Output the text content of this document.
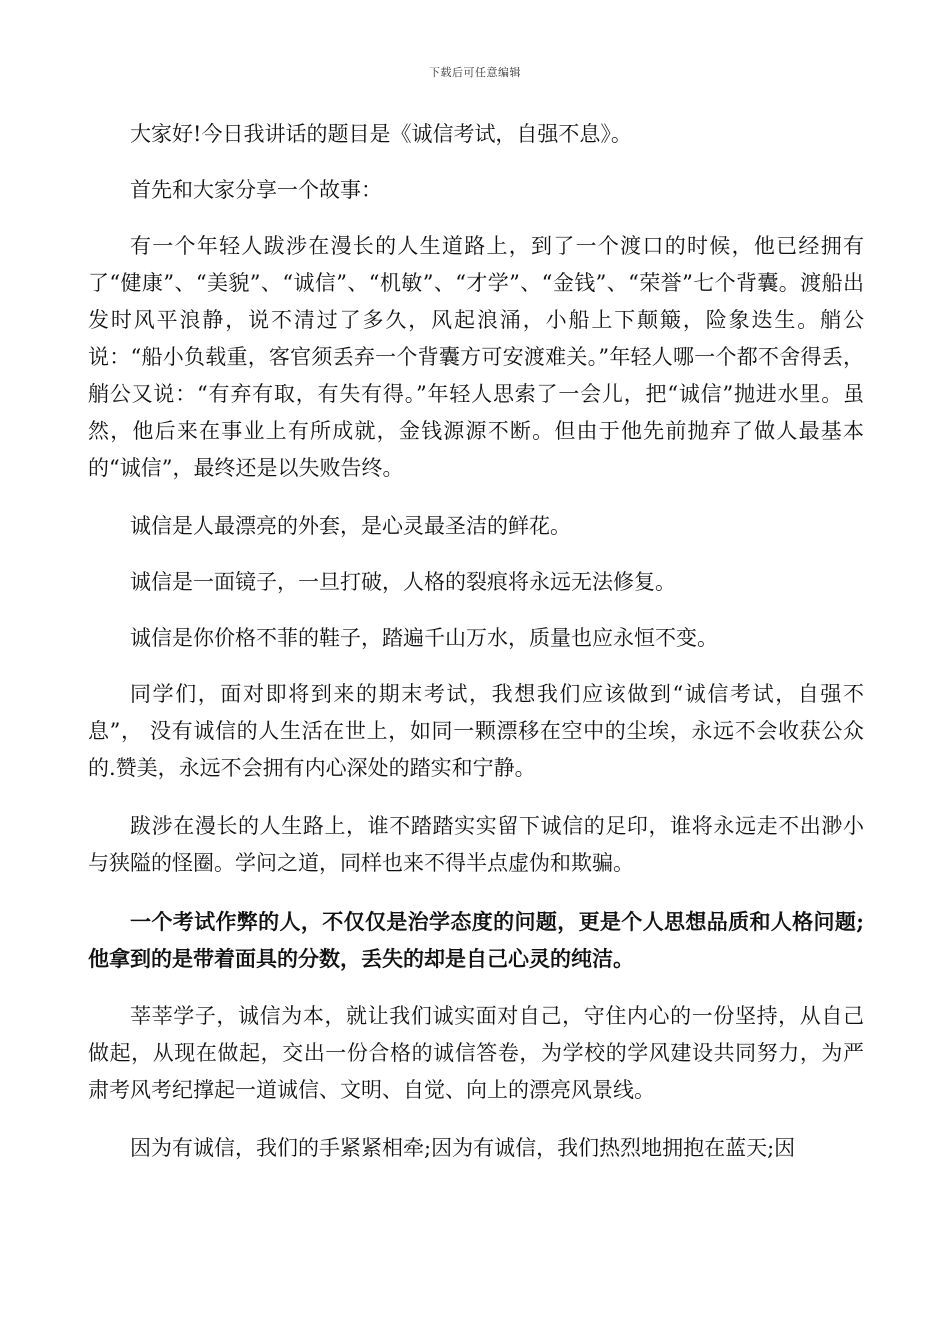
下载后可任意编辑

大家好!今日我讲话的题目是《诚信考试，自强不息》。

首先和大家分享一个故事：

有一个年轻人跋涉在漫长的人生道路上，到了一个渡口的时候，他已经拥有了“健康”、“美貌”、“诚信”、“机敏”、“才学”、“金钱”、“荣誉”七个背囊。渡船出发时风平浪静，说不清过了多久，风起浪涌，小船上下颠簸，险象迭生。艄公说：“船小负载重，客官须丢弃一个背囊方可安渡难关。”年轻人哪一个都不舍得丢，艄公又说：“有弃有取，有失有得。”年轻人思索了一会儿，把“诚信”抛进水里。虽然，他后来在事业上有所成就，金钱源源不断。但由于他先前抛弃了做人最基本的“诚信”，最终还是以失败告终。

诚信是人最漂亮的外套，是心灵最圣洁的鲜花。

诚信是一面镜子，一旦打破，人格的裂痕将永远无法修复。

诚信是你价格不菲的鞋子，踏遍千山万水，质量也应永恒不变。

同学们，面对即将到来的期末考试，我想我们应该做到“诚信考试，自强不息”， 没有诚信的人生活在世上，如同一颗漂移在空中的尘埃，永远不会收获公众的.赞美，永远不会拥有内心深处的踏实和宁静。

跋涉在漫长的人生路上，谁不踏踏实实留下诚信的足印，谁将永远走不出渺小与狭隘的怪圈。学问之道，同样也来不得半点虚伪和欺骗。

一个考试作弊的人，不仅仅是治学态度的问题，更是个人思想品质和人格问题;他拿到的是带着面具的分数，丢失的却是自己心灵的纯洁。

莘莘学子，诚信为本，就让我们诚实面对自己，守住内心的一份坚持，从自己做起，从现在做起，交出一份合格的诚信答卷，为学校的学风建设共同努力，为严肃考风考纪撑起一道诚信、文明、自觉、向上的漂亮风景线。

因为有诚信，我们的手紧紧相牵;因为有诚信，我们热烈地拥抱在蓝天;因
